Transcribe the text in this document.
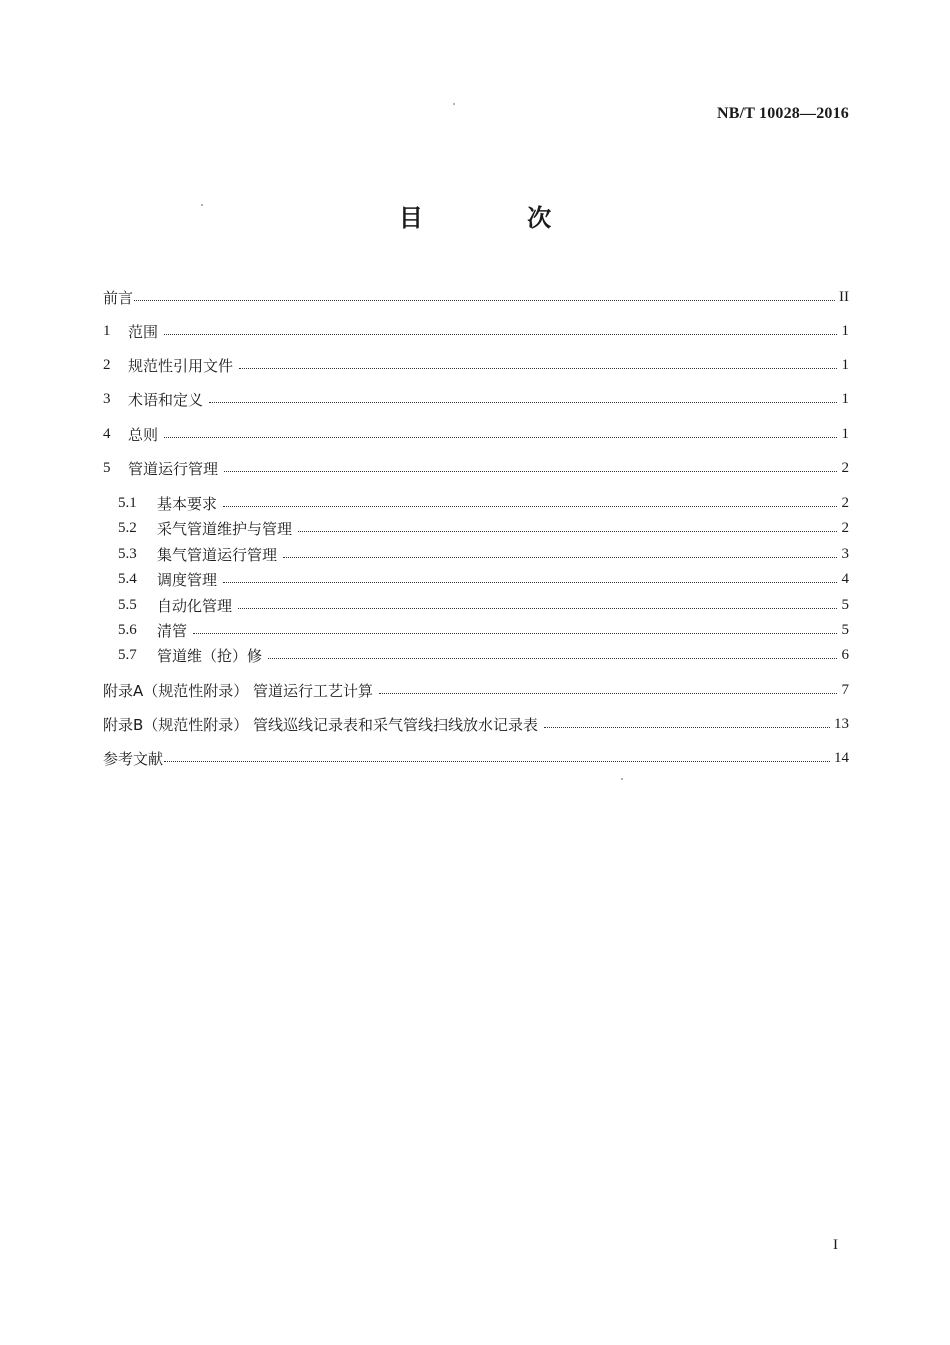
NB/T 10028—2016
目 次
前言	II
1	范围	1
2	规范性引用文件	1
3	术语和定义	1
4	总则	1
5	管道运行管理	2
5.1	基本要求	2
5.2	采气管道维护与管理	2
5.3	集气管道运行管理	3
5.4	调度管理	4
5.5	自动化管理	5
5.6	清管	5
5.7	管道维（抢）修	6
附录A（规范性附录） 管道运行工艺计算	7
附录B（规范性附录） 管线巡线记录表和采气管线扫线放水记录表	13
参考文献	14
I
